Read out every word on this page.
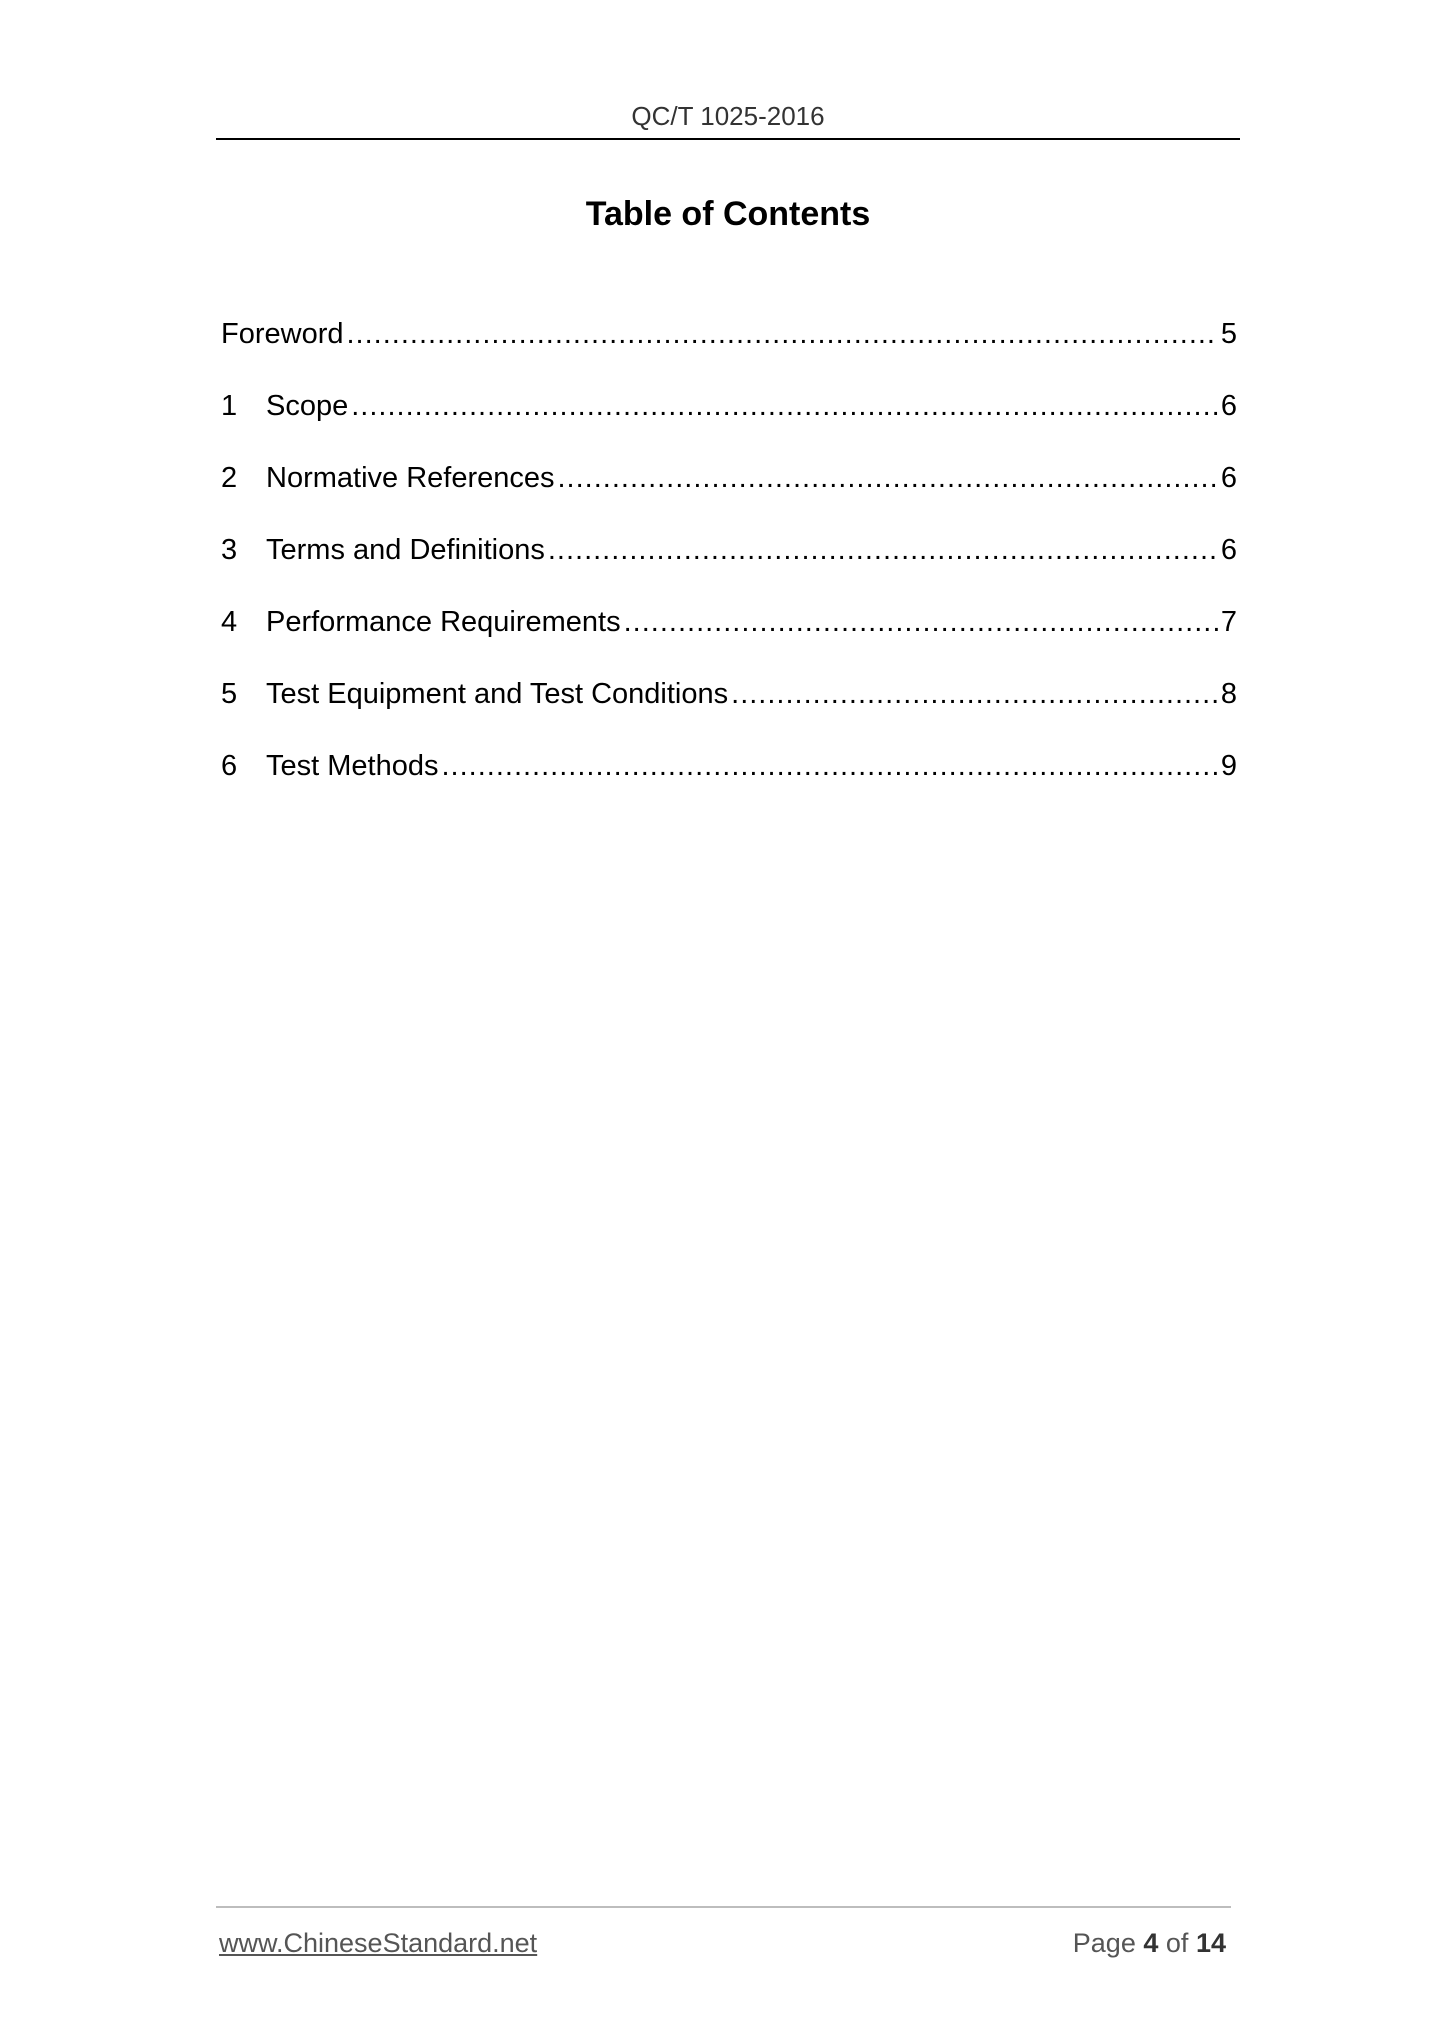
QC/T 1025-2016
Table of Contents
Foreword .....	5
1 Scope .....	6
2 Normative References .....	6
3 Terms and Definitions .....	6
4 Performance Requirements .....	7
5 Test Equipment and Test Conditions .....	8
6 Test Methods .....	9
www.ChineseStandard.net	Page 4 of 14
